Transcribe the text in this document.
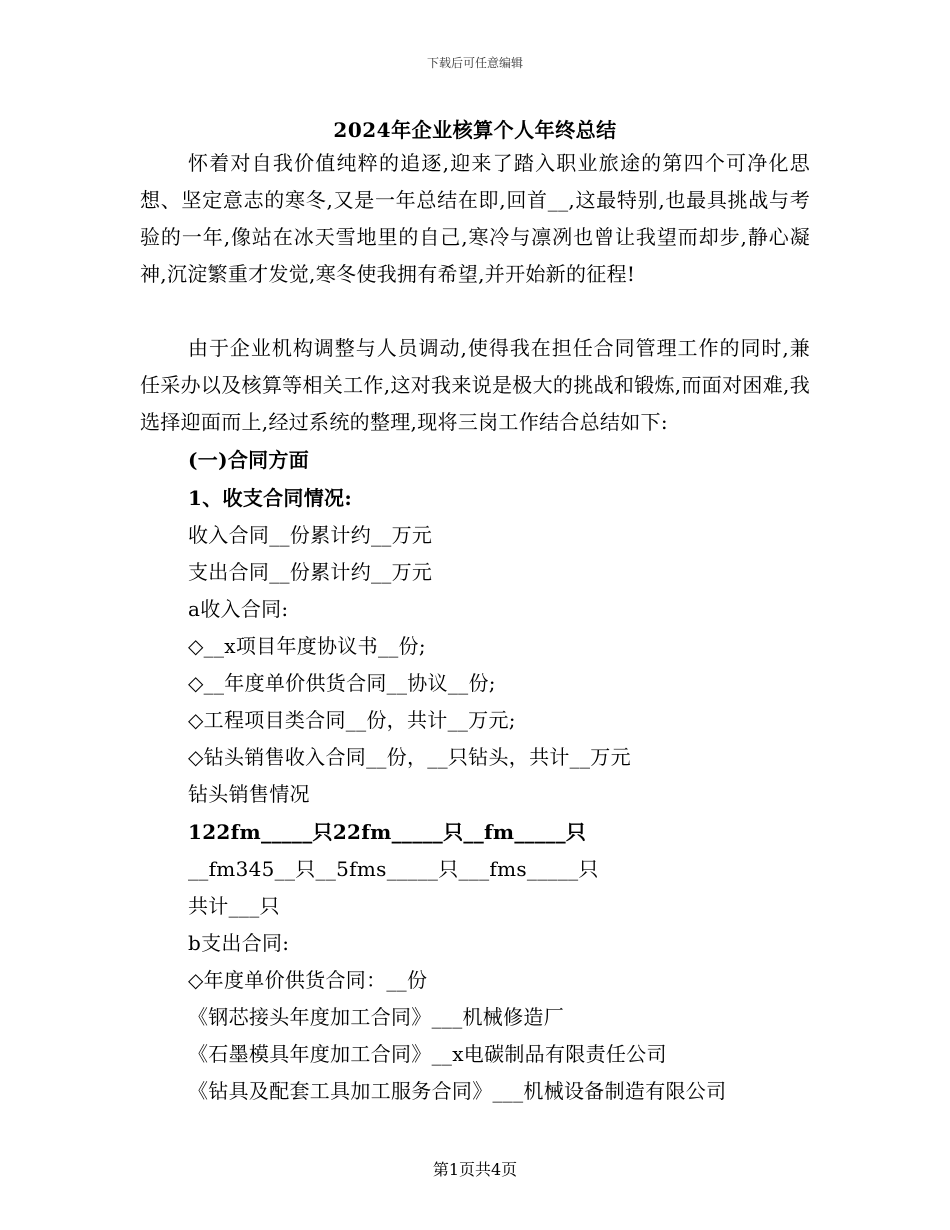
下载后可任意编辑
2024年企业核算个人年终总结

怀着对自我价值纯粹的追逐,迎来了踏入职业旅途的第四个可净化思想、坚定意志的寒冬,又是一年总结在即,回首__,这最特别,也最具挑战与考验的一年,像站在冰天雪地里的自己,寒冷与凛冽也曾让我望而却步,静心凝神,沉淀繁重才发觉,寒冬使我拥有希望,并开始新的征程!

由于企业机构调整与人员调动,使得我在担任合同管理工作的同时,兼任采办以及核算等相关工作,这对我来说是极大的挑战和锻炼,而面对困难,我选择迎面而上,经过系统的整理,现将三岗工作结合总结如下:

(一)合同方面
1、收支合同情况:
收入合同__份累计约__万元
支出合同__份累计约__万元
a收入合同:
◇__x项目年度协议书__份;
◇__年度单价供货合同__协议__份;
◇工程项目类合同__份，共计__万元;
◇钻头销售收入合同__份，__只钻头，共计__万元
钻头销售情况
122fm_____只22fm_____只__fm_____只
__fm345__只__5fms_____只___fms_____只
共计___只
b支出合同:
◇年度单价供货合同：__份
《钢芯接头年度加工合同》___机械修造厂
《石墨模具年度加工合同》__x电碳制品有限责任公司
《钻具及配套工具加工服务合同》___机械设备制造有限公司
第1页共4页
